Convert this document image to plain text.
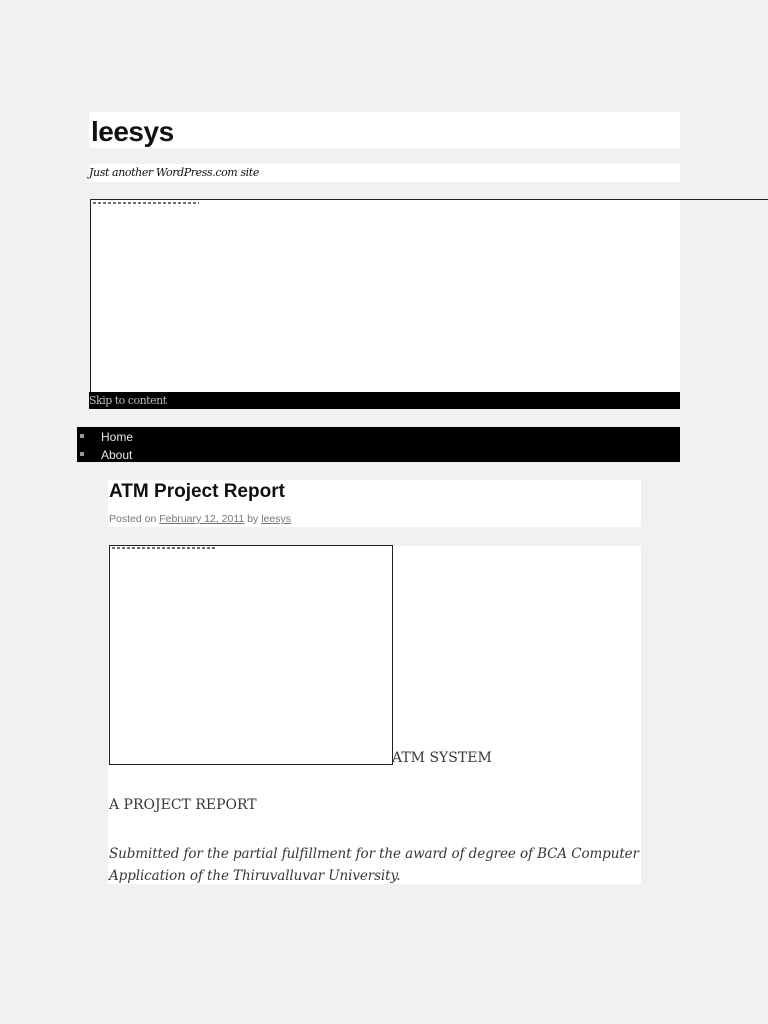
leesys
Just another WordPress.com site
Skip to content
Home
About
ATM Project Report
Posted on February 12, 2011 by leesys
ATM SYSTEM
A PROJECT REPORT
Submitted for the partial fulfillment for the award of degree of BCA Computer Application of the Thiruvalluvar University.
